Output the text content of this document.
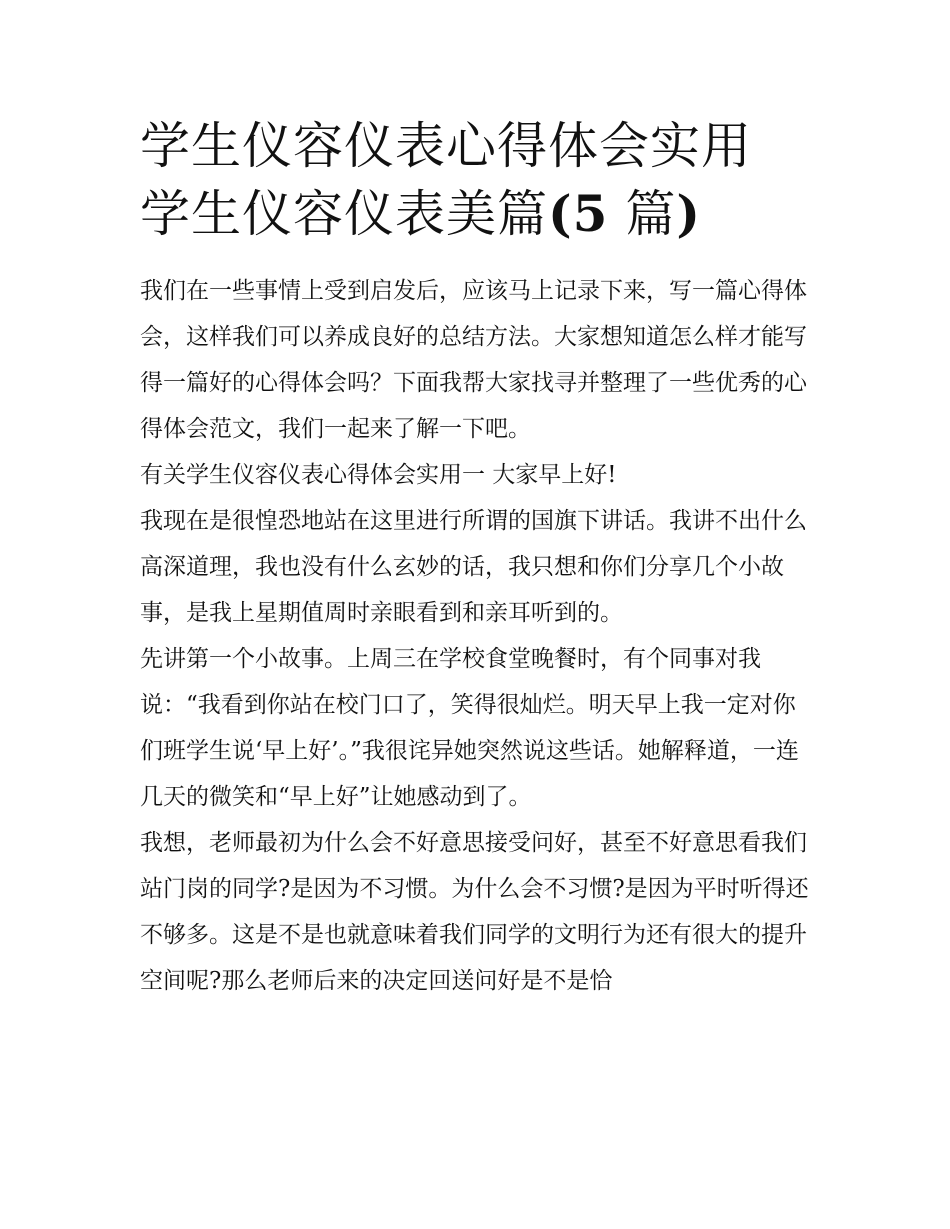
学生仪容仪表心得体会实用 学生仪容仪表美篇(5 篇)

我们在一些事情上受到启发后，应该马上记录下来，写一篇心得体会，这样我们可以养成良好的总结方法。大家想知道怎么样才能写得一篇好的心得体会吗？下面我帮大家找寻并整理了一些优秀的心得体会范文，我们一起来了解一下吧。

有关学生仪容仪表心得体会实用一 大家早上好!

我现在是很惶恐地站在这里进行所谓的国旗下讲话。我讲不出什么高深道理，我也没有什么玄妙的话，我只想和你们分享几个小故事，是我上星期值周时亲眼看到和亲耳听到的。

先讲第一个小故事。上周三在学校食堂晚餐时，有个同事对我说：“我看到你站在校门口了，笑得很灿烂。明天早上我一定对你们班学生说‘早上好’。”我很诧异她突然说这些话。她解释道，一连几天的微笑和“早上好”让她感动到了。

我想，老师最初为什么会不好意思接受问好，甚至不好意思看我们站门岗的同学?是因为不习惯。为什么会不习惯?是因为平时听得还不够多。这是不是也就意味着我们同学的文明行为还有很大的提升空间呢?那么老师后来的决定回送问好是不是恰
